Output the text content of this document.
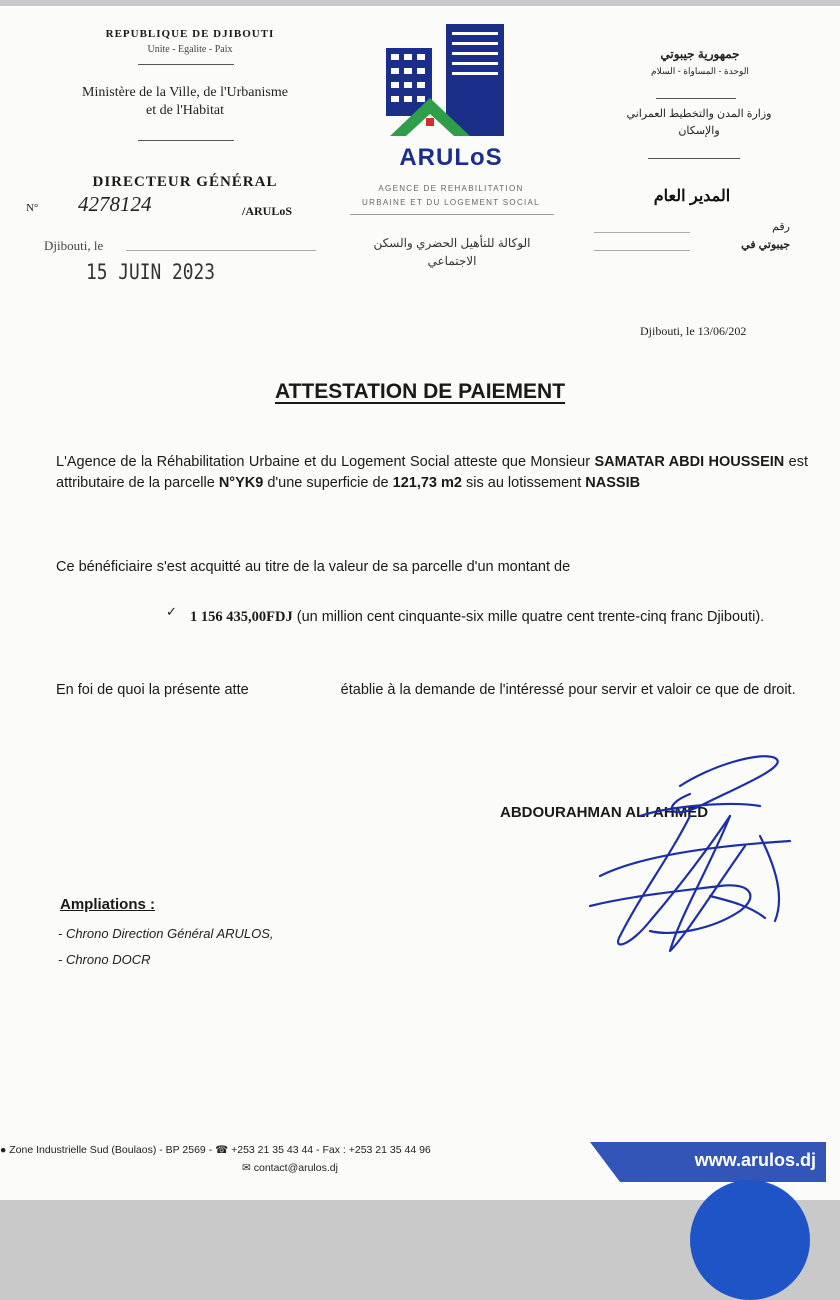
REPUBLIQUE DE DJIBOUTI
Unite - Egalite - Paix
Ministère de la Ville, de l'Urbanisme
et de l'Habitat
DIRECTEUR GÉNÉRAL
N° 4278124	/ARULoS
Djibouti, le
15 JUIN 2023
ARULoS
AGENCE DE REHABILITATION
URBAINE ET DU LOGEMENT SOCIAL
الوكالة للتأهيل الحضري والسكن
الاجتماعي
جمهورية جيبوتي
الوحدة - المساواة - السلام
وزارة المدن والتخطيط العمراني
والإسكان
المدير العام
رقم
جيبوتي في
Djibouti, le 13/06/202
ATTESTATION DE PAIEMENT
L'Agence de la Réhabilitation Urbaine et du Logement Social atteste que Monsieur SAMATAR ABDI HOUSSEIN est attributaire de la parcelle N°YK9 d'une superficie de 121,73 m2 sis au lotissement NASSIB
Ce bénéficiaire s'est acquitté au titre de la valeur de sa parcelle d'un montant de
✓ 1 156 435,00FDJ (un million cent cinquante-six mille quatre cent trente-cinq franc Djibouti).
En foi de quoi la présente atte	établie à la demande de l'intéressé pour servir et valoir ce que de droit.
ABDOURAHMAN ALI AHMED
Ampliations :
- Chrono Direction Général ARULOS,
- Chrono DOCR
● Zone Industrielle Sud (Boulaos) - BP 2569 - ☎ +253 21 35 43 44 - Fax : +253 21 35 44 96
✉ contact@arulos.dj	www.arulos.dj
